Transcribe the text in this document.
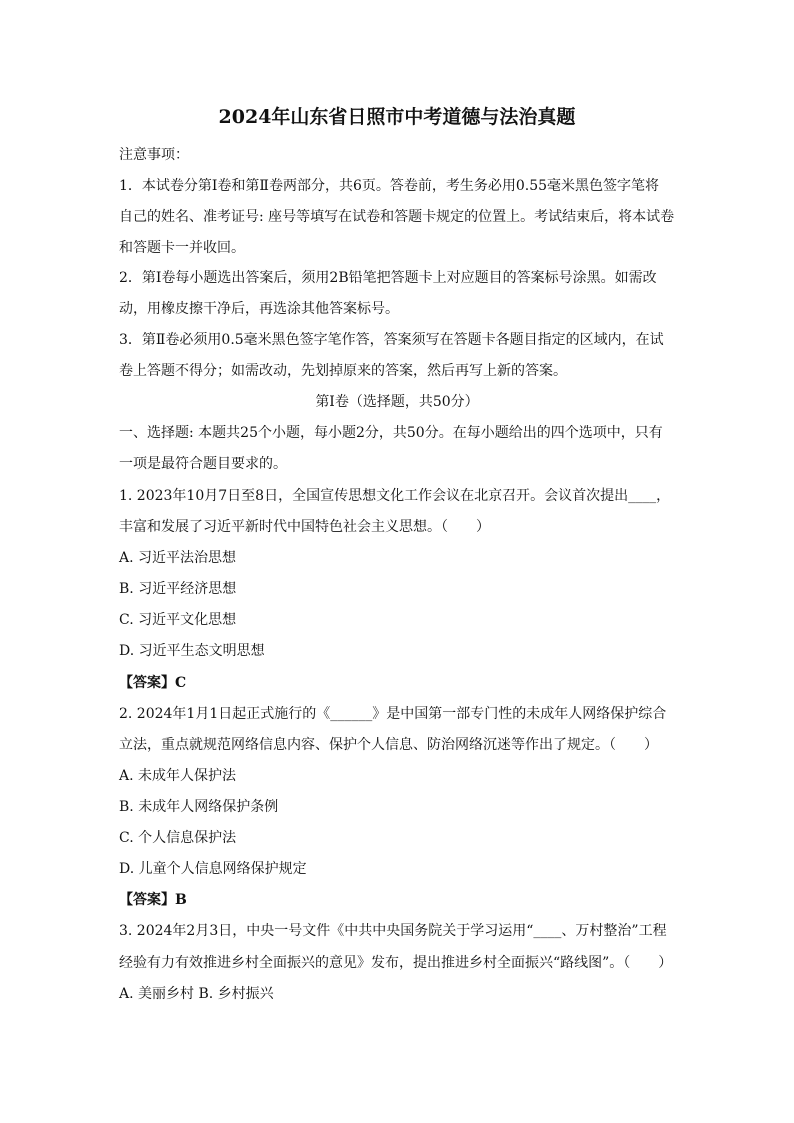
2024年山东省日照市中考道德与法治真题
注意事项：
1．本试卷分第Ⅰ卷和第Ⅱ卷两部分，共6页。答卷前，考生务必用0.55毫米黑色签字笔将
自己的姓名、准考证号: 座号等填写在试卷和答题卡规定的位置上。考试结束后，将本试卷
和答题卡一并收回。
2．第Ⅰ卷每小题选出答案后，须用2B铅笔把答题卡上对应题目的答案标号涂黑。如需改
动，用橡皮擦干净后，再选涂其他答案标号。
3．第Ⅱ卷必须用0.5毫米黑色签字笔作答，答案须写在答题卡各题目指定的区域内，在试
卷上答题不得分；如需改动，先划掉原来的答案，然后再写上新的答案。
第Ⅰ卷（选择题，共50分）
一、选择题: 本题共25个小题，每小题2分，共50分。在每小题给出的四个选项中，只有
一项是最符合题目要求的。
1. 2023年10月7日至8日，全国宣传思想文化工作会议在北京召开。会议首次提出____，
丰富和发展了习近平新时代中国特色社会主义思想。（　　）
A. 习近平法治思想
B. 习近平经济思想
C. 习近平文化思想
D. 习近平生态文明思想
【答案】C
2. 2024年1月1日起正式施行的《______》是中国第一部专门性的未成年人网络保护综合
立法，重点就规范网络信息内容、保护个人信息、防治网络沉迷等作出了规定。（　　）
A. 未成年人保护法
B. 未成年人网络保护条例
C. 个人信息保护法
D. 儿童个人信息网络保护规定
【答案】B
3. 2024年2月3日，中央一号文件《中共中央国务院关于学习运用“____、万村整治”工程
经验有力有效推进乡村全面振兴的意见》发布，提出推进乡村全面振兴“路线图”。（　　）
A. 美丽乡村 B. 乡村振兴
